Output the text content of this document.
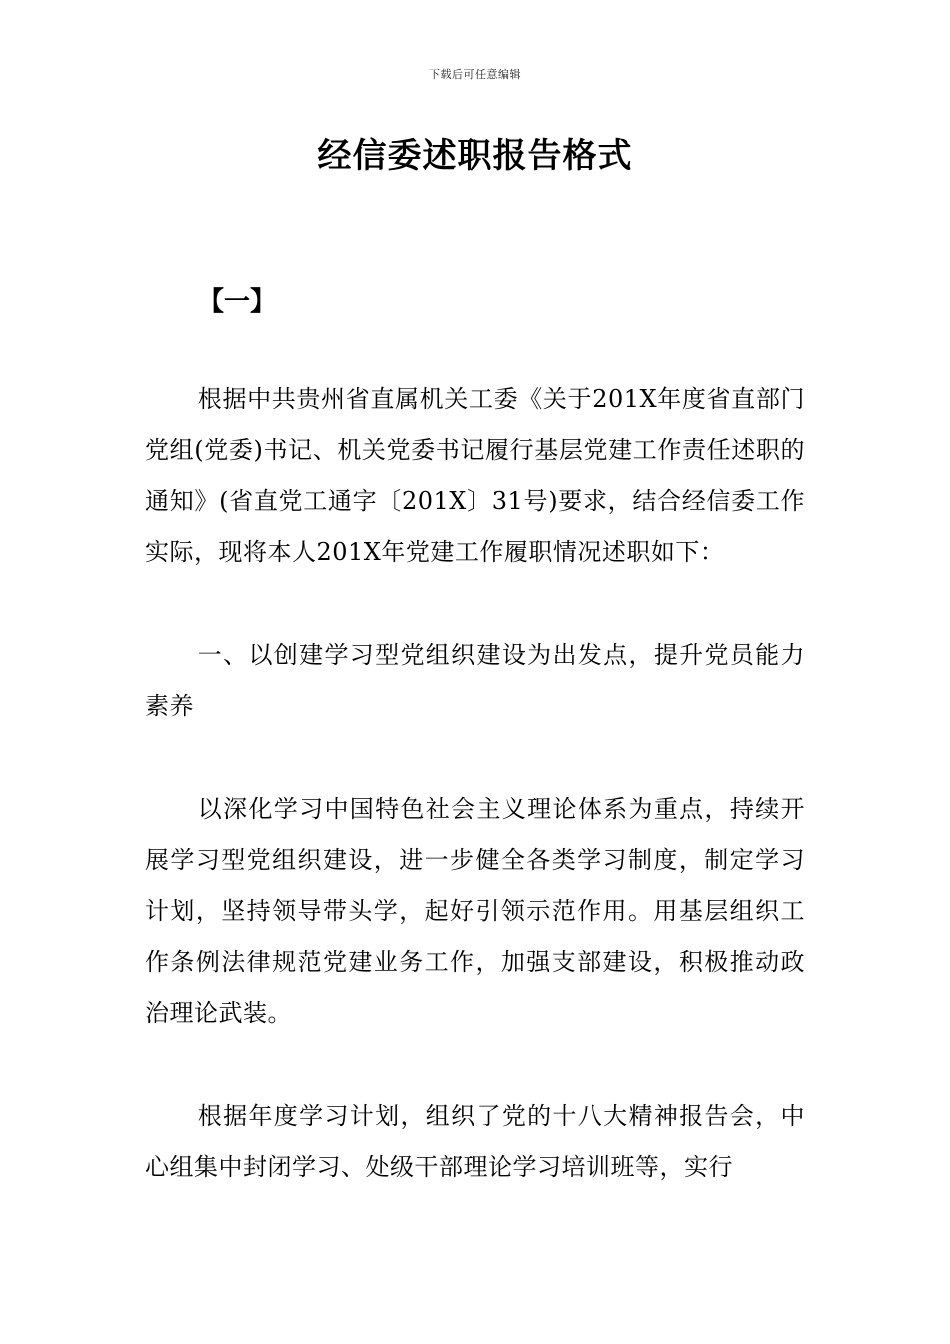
下载后可任意编辑
经信委述职报告格式
【一】

根据中共贵州省直属机关工委《关于201X年度省直部门党组(党委)书记、机关党委书记履行基层党建工作责任述职的通知》(省直党工通字〔201X〕31号)要求，结合经信委工作实际，现将本人201X年党建工作履职情况述职如下：

一、以创建学习型党组织建设为出发点，提升党员能力素养

以深化学习中国特色社会主义理论体系为重点，持续开展学习型党组织建设，进一步健全各类学习制度，制定学习计划，坚持领导带头学，起好引领示范作用。用基层组织工作条例法律规范党建业务工作，加强支部建设，积极推动政治理论武装。

根据年度学习计划，组织了党的十八大精神报告会，中心组集中封闭学习、处级干部理论学习培训班等，实行
